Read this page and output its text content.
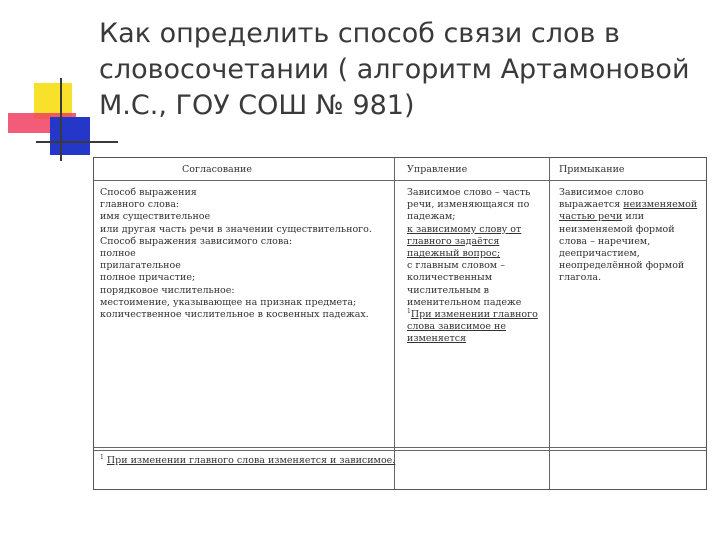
Как определить способ связи слов в словосочетании ( алгоритм Артамоновой М.С., ГОУ СОШ № 981)
Согласование	Управление	Примыкание
Способ выражения
главного слова:
имя существительное
или другая часть речи в значении существительного.
Способ выражения зависимого слова:
полное
прилагательное
полное причастие;
порядковое числительное:
местоимение, указывающее на признак предмета;
количественное числительное в косвенных падежах.
Зависимое слово – часть
речи, изменяющаяся по
падежам;
к зависимому слову от
главного задаётся
падежный вопрос;
с главным словом –
количественным
числительным в
именительном падеже
$^1$При изменении главного
слова зависимое не
изменяется
Зависимое слово
выражается неизменяемой
частью речи или
неизменяемой формой
слова – наречием,
деепричастием,
неопределённой формой
глагола.
$^1$ При изменении главного слова изменяется и зависимое.
